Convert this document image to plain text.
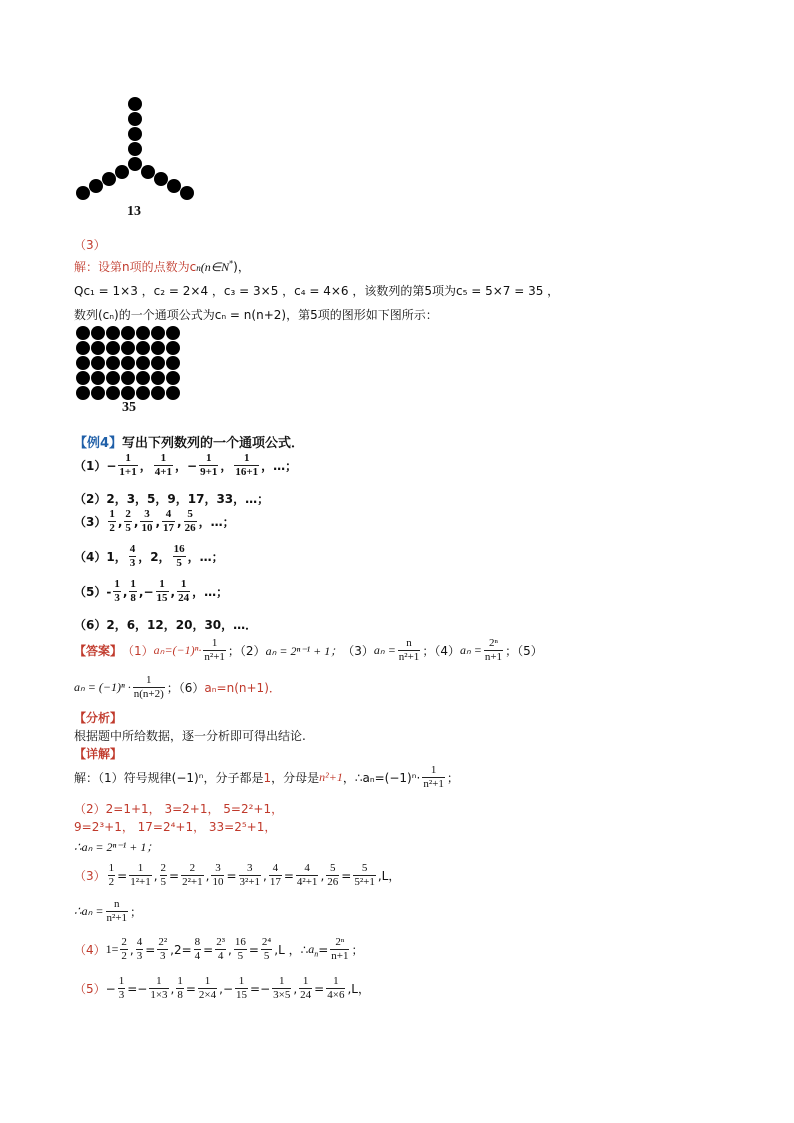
13
（3）
解：设第n项的点数为cn(n∈N*)，
Qc₁ = 1×3 ，c₂ = 2×4 ，c₃ = 3×5 ，c₄ = 4×6 ，该数列的第5项为c₅ = 5×7 = 35 ，
数列(cₙ)的一个通项公式为cₙ = n(n+2)，第5项的图形如下图所示：
35
【例4】写出下列数列的一个通项公式．
$(1) - \frac{1}{1+1}$ ， $\frac{1}{4+1}$ ，− $\frac{1}{9+1}$ ， $\frac{1}{16+1}$ ，…；
（2）2，3，5，9，17，33，…；
$(3) \frac{1}{2}$ , $\frac{2}{5}$ , $\frac{3}{10}$ , $\frac{4}{17}$ , $\frac{5}{26}$ ，…；
（4）1， $\frac{4}{3}$ ，2， $\frac{16}{5}$ ，…；
$(5) - \frac{1}{3}$ , $\frac{1}{8}$ ,− $\frac{1}{15}$ , $\frac{1}{24}$ ，…；
（6）2，6，12，20，30，…．
【答案】 （1） $a_n=(-1)^n\cdot \frac{1}{\text{n²+1}}$ ；（2） aₙ = 2ⁿ⁻¹ + 1； （3） $a_n = \frac{n}{\text{n²+1}}$ ；（4） $a_n = \frac{\text{2ⁿ}}{n+1}$ ；（5）
$a_n = (-1)^n \cdot \frac{1}{n(n+2)}$ ；（6） aₙ=n(n+1)．
【分析】
根据题中所给数据，逐一分析即可得出结论.
【详解】
解：（1）符号规律(−1)ⁿ，分子都是 1 ，分母是 n²+1 ，∴aₙ=(−1)ⁿ· $\frac{1}{\text{n²+1}}$ ；
（2）2=1+1， 3=2+1， 5=2²+1，
9=2³+1， 17=2⁴+1， 33=2⁵+1，
∴aₙ = 2ⁿ⁻¹ + 1；
$(3) \frac{1}{2} = \frac{1}{\text{1²+1}}$ , $\frac{2}{5} = \frac{2}{\text{2²+1}}$ , $\frac{3}{10} = \frac{3}{\text{3²+1}}$ , $\frac{4}{17} = \frac{4}{\text{4²+1}}$ , $\frac{5}{26} = \frac{5}{\text{5²+1}} ,L$ ，
∴aₙ = $\frac{n}{\text{n²+1}}$ ；
（4） $1= \frac{2}{2}$ , $\frac{4}{3} = \frac{\text{2²}}{3} ,2= \frac{8}{4} = \frac{\text{2³}}{4}$ , $\frac{16}{5} = \frac{\text{2⁴}}{5} ,L$ ，∴ $a_n = \frac{\text{2ⁿ}}{n+1}$ ；
$(5) - \frac{1}{3} =- \frac{1}{1\times 3}$ , $\frac{1}{8} = \frac{1}{2\times 4}$ ,− $\frac{1}{15} =- \frac{1}{3\times 5}$ , $\frac{1}{24} = \frac{1}{4\times 6} ,L$ ，
